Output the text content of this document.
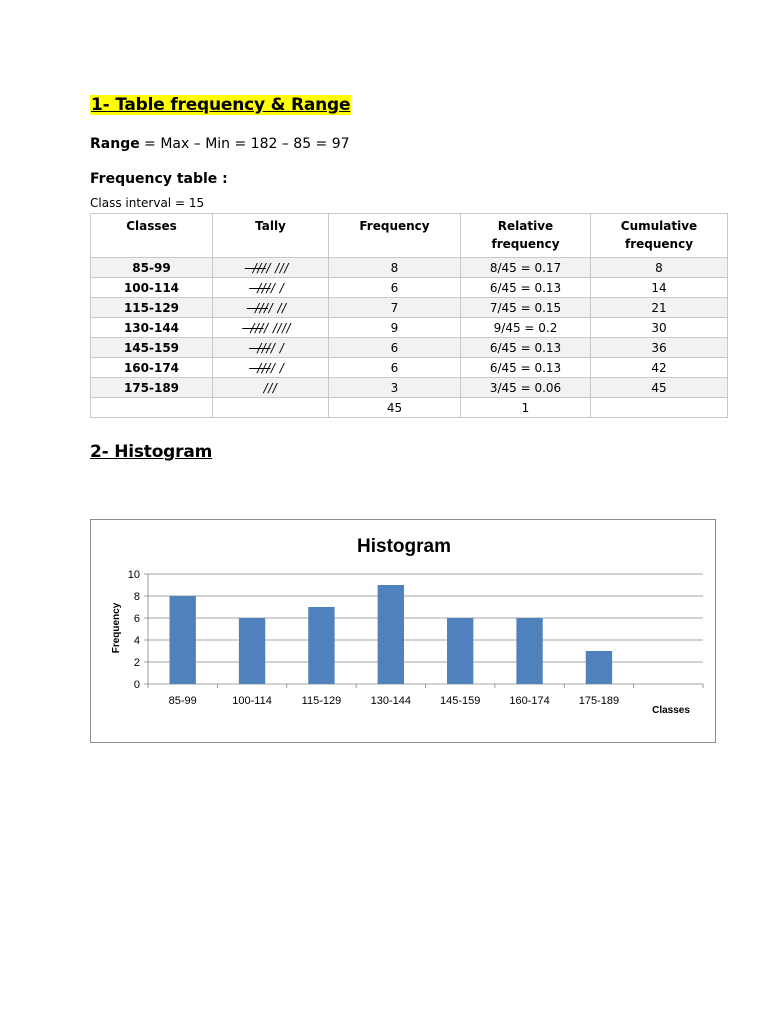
1- Table frequency & Range
Range = Max – Min = 182 – 85 = 97
Frequency table :
Class interval = 15
Classes	Tally	Frequency	Relative frequency	Cumulative frequency
85-99	̶/̶/̶/̶/ ///	8	8/45 = 0.17	8
100-114	̶/̶/̶/̶/ /	6	6/45 = 0.13	14
115-129	̶/̶/̶/̶/ //	7	7/45 = 0.15	21
130-144	̶/̶/̶/̶/ ////	9	9/45 = 0.2	30
145-159	̶/̶/̶/̶/ /	6	6/45 = 0.13	36
160-174	̶/̶/̶/̶/ /	6	6/45 = 0.13	42
175-189	///	3	3/45 = 0.06	45
		45	1	
2- Histogram
Histogram
Frequency
Classes
0
2
4
6
8
10
85-99	100-114	115-129	130-144	145-159	160-174	175-189
